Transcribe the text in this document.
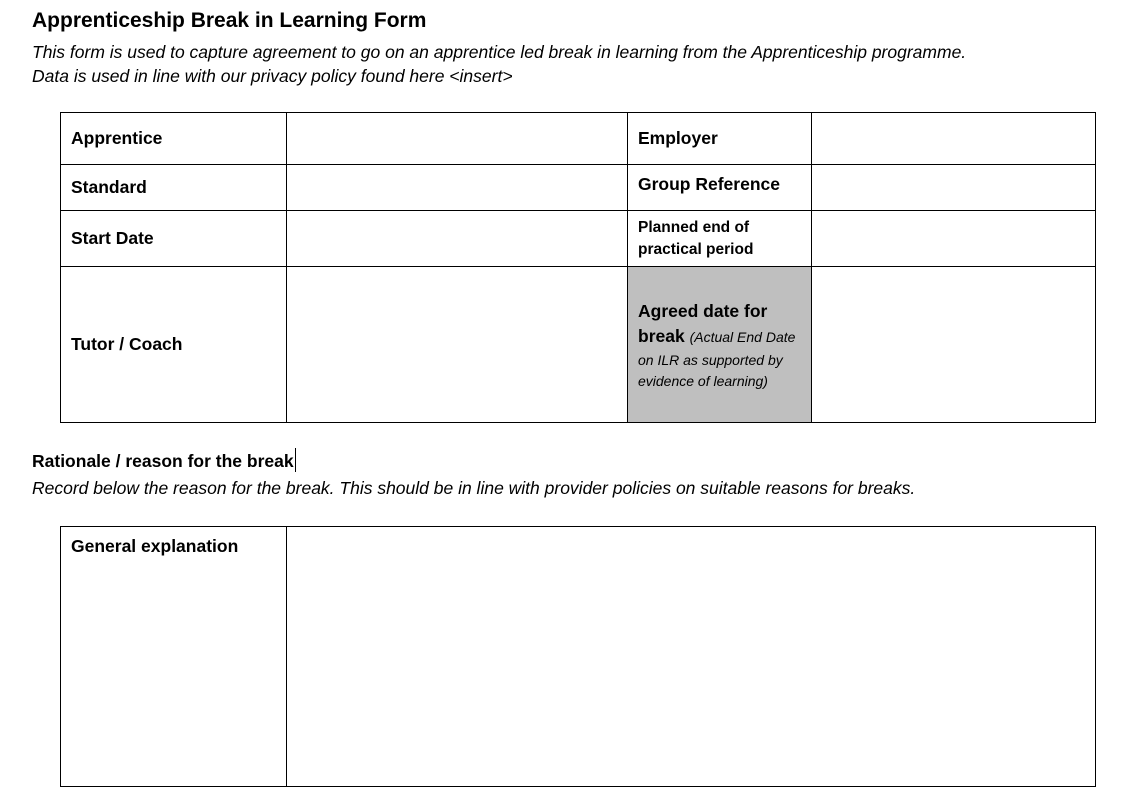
Apprenticeship Break in Learning Form
This form is used to capture agreement to go on an apprentice led break in learning from the Apprenticeship programme.
Data is used in line with our privacy policy found here <insert>
Apprentice		Employer	
Standard		Group Reference	
Start Date		Planned end of practical period	
Tutor / Coach		Agreed date for break (Actual End Date on ILR as supported by evidence of learning)	
Rationale / reason for the break
Record below the reason for the break. This should be in line with provider policies on suitable reasons for breaks.
General explanation	
